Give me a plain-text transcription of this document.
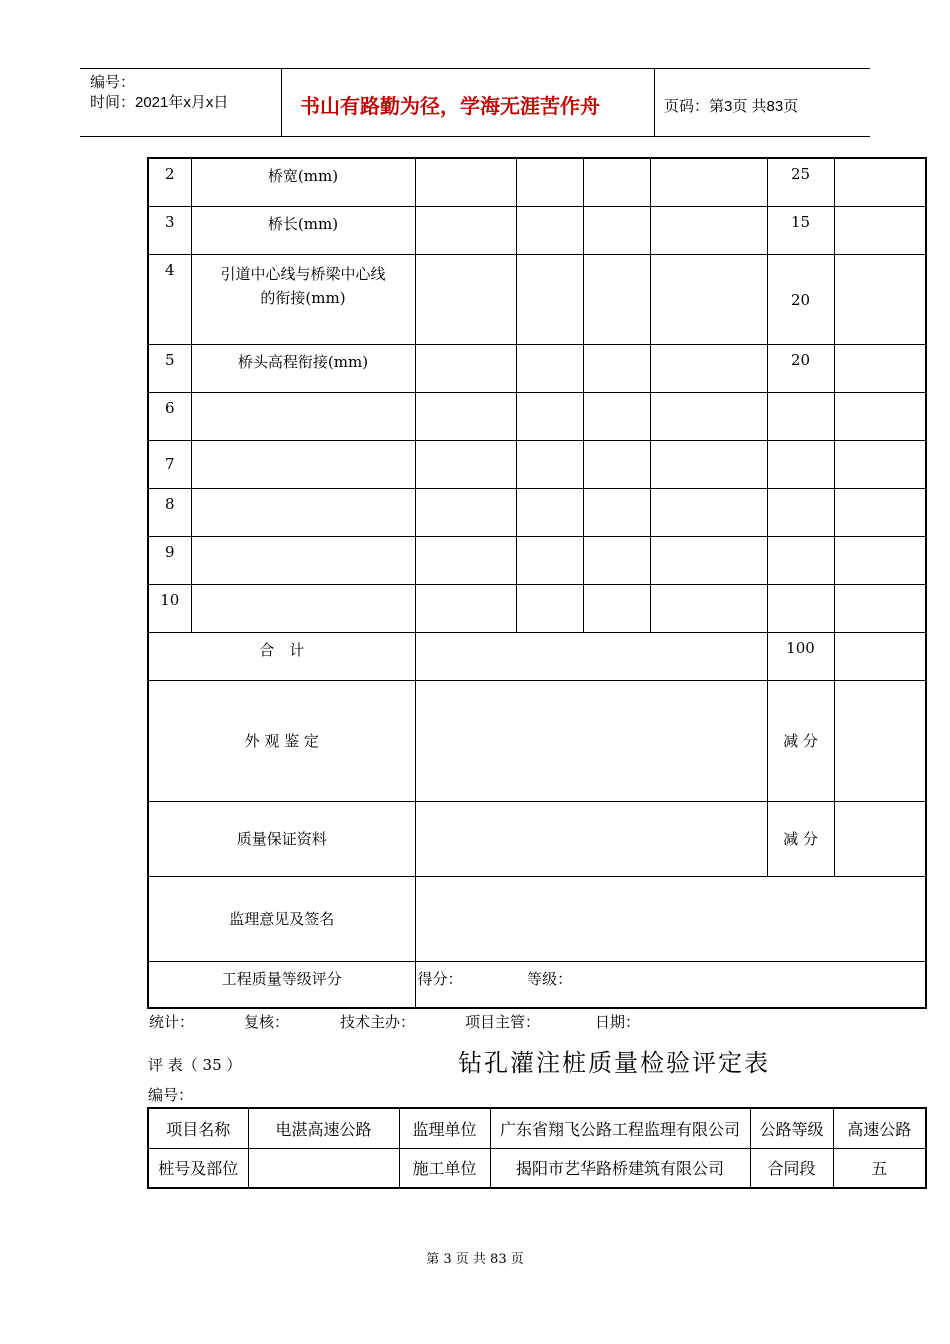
编号：
时间：2021年x月x日	书山有路勤为径，学海无涯苦作舟	页码：第3页 共83页
2	桥宽(mm)					25	
3	桥长(mm)					15	
4	引道中心线与桥梁中心线
的衔接(mm)					20	
5	桥头高程衔接(mm)					20	
6							
7							
8							
9							
10							
合　计						100	
外 观 鉴 定						减 分	
质量保证资料						减 分	
监理意见及签名							
工程质量等级评分		得分： 等级：					
统计：	复核：	技术主办：	项目主管：	日期：
评 表（ 35 ）	钻孔灌注桩质量检验评定表
编号：
项目名称	电湛高速公路	监理单位	广东省翔飞公路工程监理有限公司	公路等级	高速公路
桩号及部位		施工单位	揭阳市艺华路桥建筑有限公司	合同段	五
第 3 页 共 83 页
